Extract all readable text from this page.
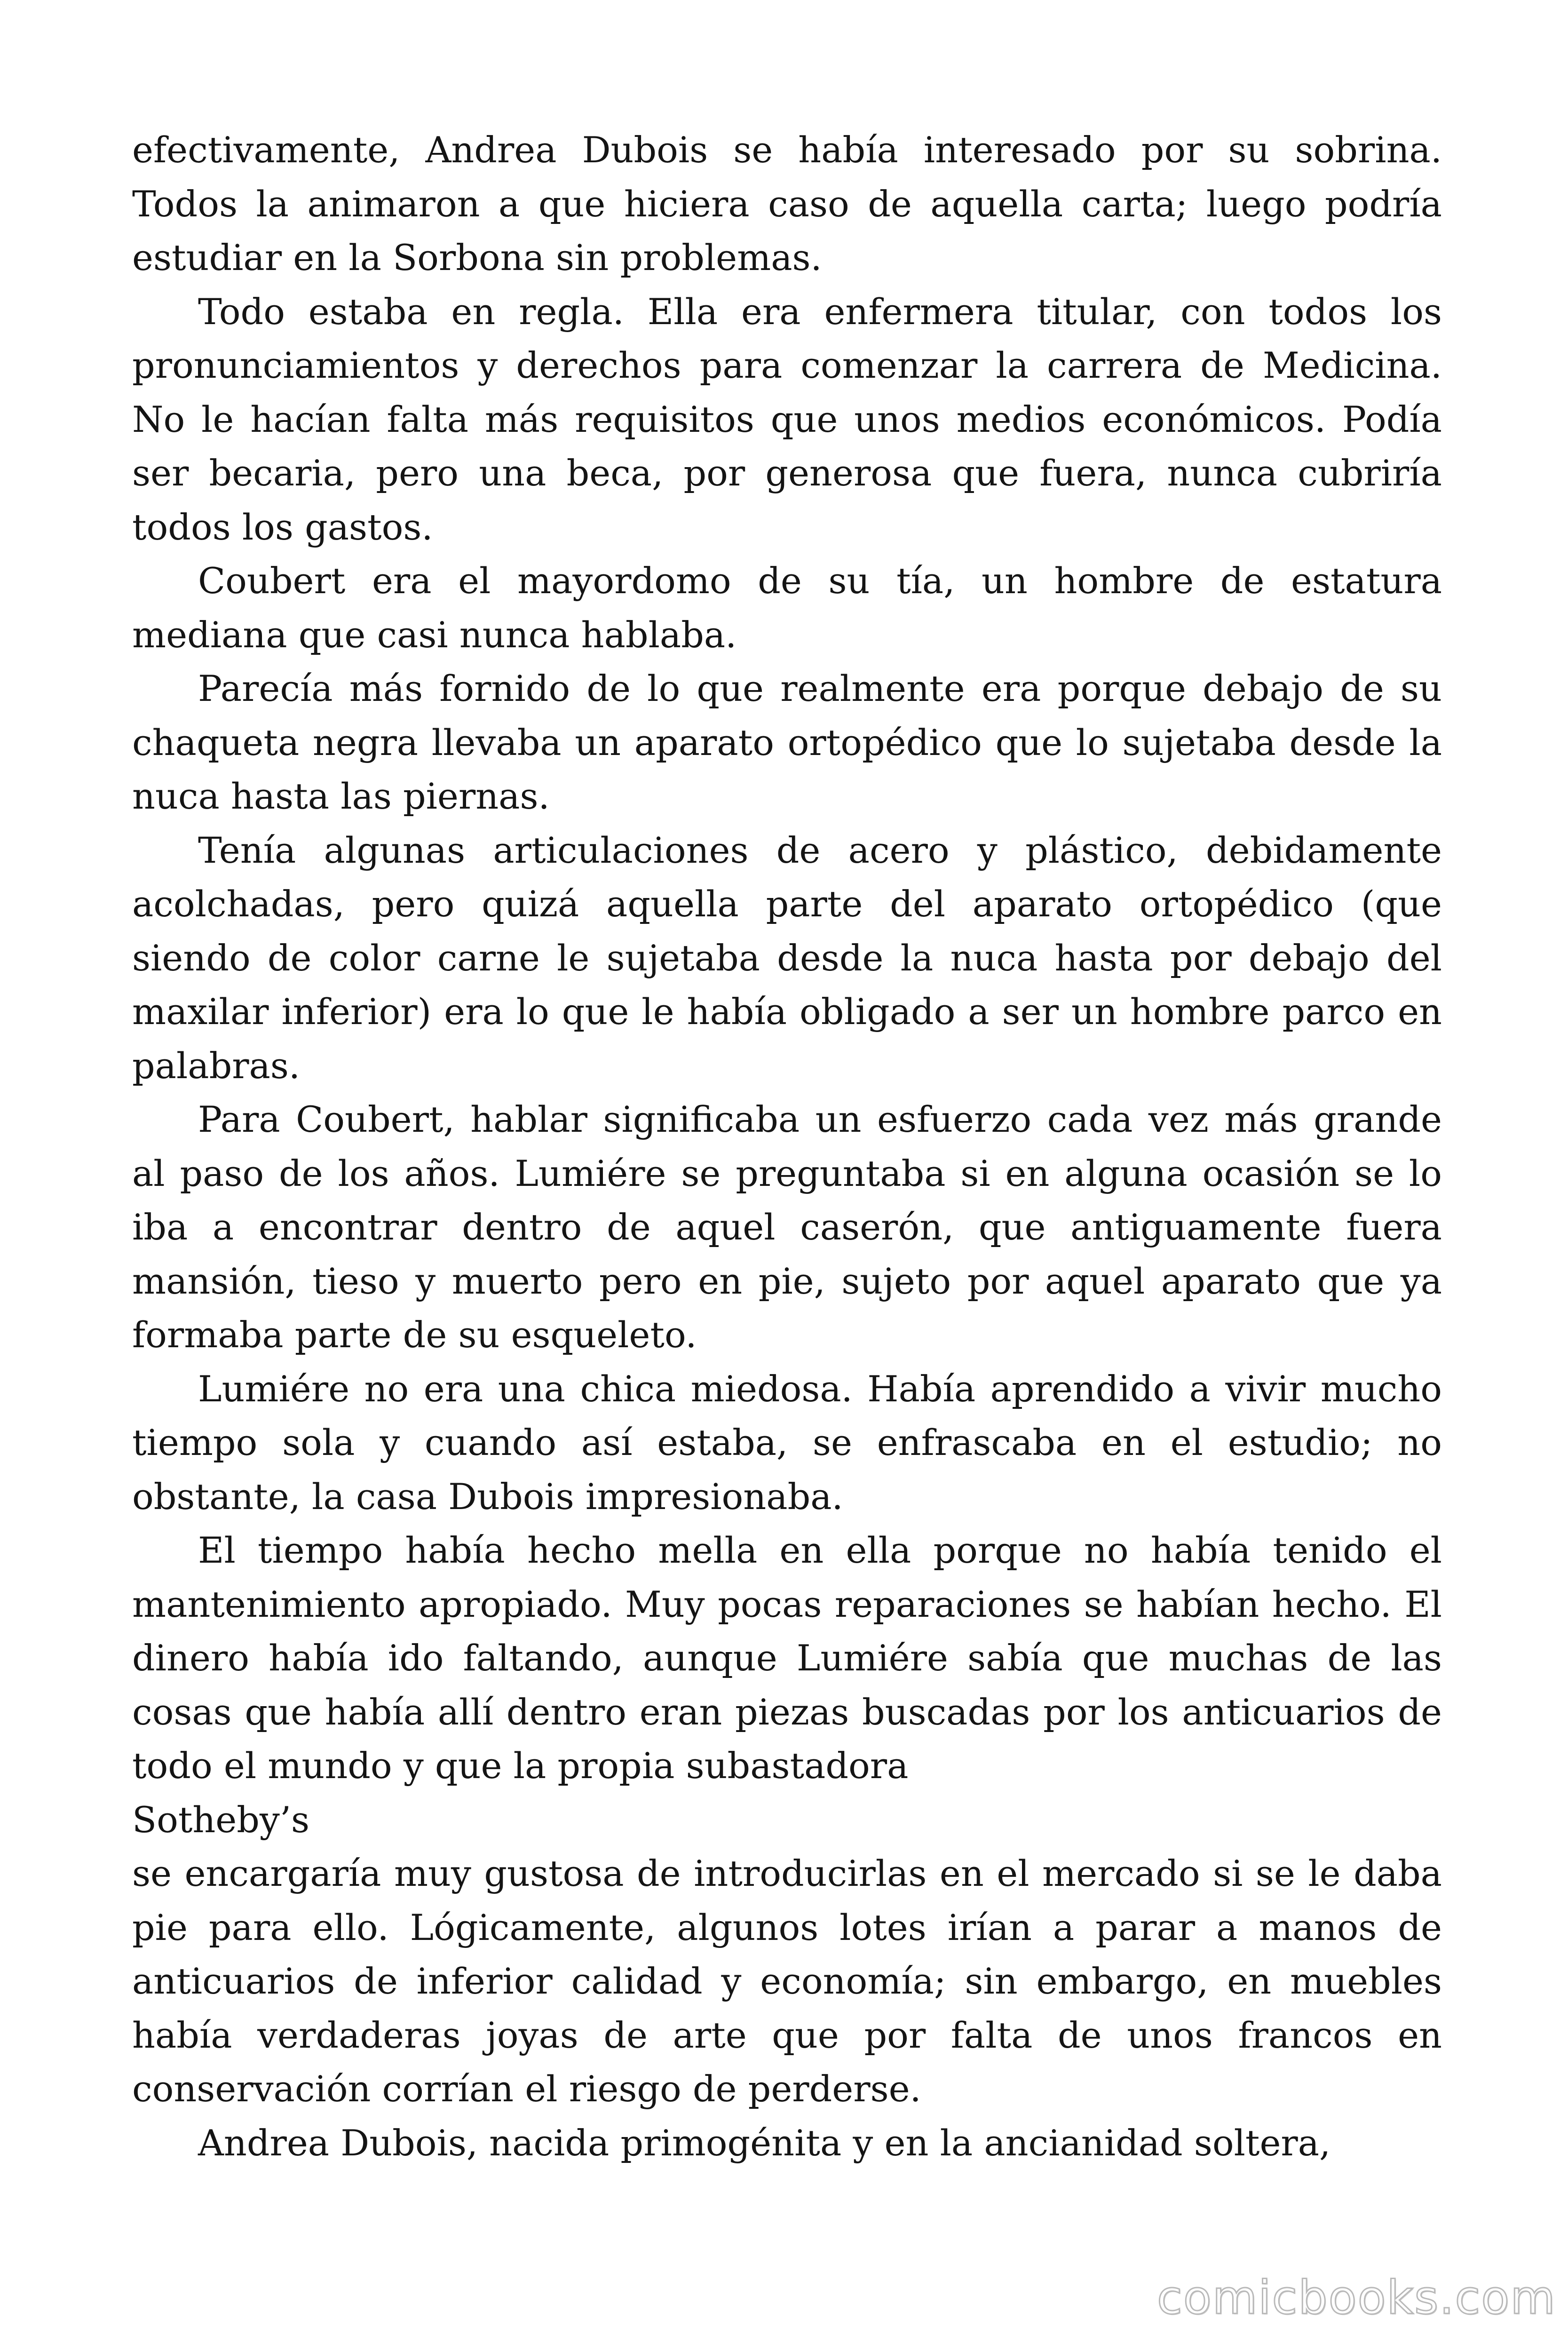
efectivamente, Andrea Dubois se había interesado por su sobrina. Todos la animaron a que hiciera caso de aquella carta; luego podría estudiar en la Sorbona sin problemas.

Todo estaba en regla. Ella era enfermera titular, con todos los pronunciamientos y derechos para comenzar la carrera de Medicina. No le hacían falta más requisitos que unos medios económicos. Podía ser becaria, pero una beca, por generosa que fuera, nunca cubriría todos los gastos.

Coubert era el mayordomo de su tía, un hombre de estatura mediana que casi nunca hablaba.

Parecía más fornido de lo que realmente era porque debajo de su chaqueta negra llevaba un aparato ortopédico que lo sujetaba desde la nuca hasta las piernas.

Tenía algunas articulaciones de acero y plástico, debidamente acolchadas, pero quizá aquella parte del aparato ortopédico (que siendo de color carne le sujetaba desde la nuca hasta por debajo del maxilar inferior) era lo que le había obligado a ser un hombre parco en palabras.

Para Coubert, hablar significaba un esfuerzo cada vez más grande al paso de los años. Lumiére se preguntaba si en alguna ocasión se lo iba a encontrar dentro de aquel caserón, que antiguamente fuera mansión, tieso y muerto pero en pie, sujeto por aquel aparato que ya formaba parte de su esqueleto.

Lumiére no era una chica miedosa. Había aprendido a vivir mucho tiempo sola y cuando así estaba, se enfrascaba en el estudio; no obstante, la casa Dubois impresionaba.

El tiempo había hecho mella en ella porque no había tenido el mantenimiento apropiado. Muy pocas reparaciones se habían hecho. El dinero había ido faltando, aunque Lumiére sabía que muchas de las cosas que había allí dentro eran piezas buscadas por los anticuarios de todo el mundo y que la propia subastadora

Sotheby’s

se encargaría muy gustosa de introducirlas en el mercado si se le daba pie para ello. Lógicamente, algunos lotes irían a parar a manos de anticuarios de inferior calidad y economía; sin embargo, en muebles había verdaderas joyas de arte que por falta de unos francos en conservación corrían el riesgo de perderse.

Andrea Dubois, nacida primogénita y en la ancianidad soltera,

comicbooks.com
